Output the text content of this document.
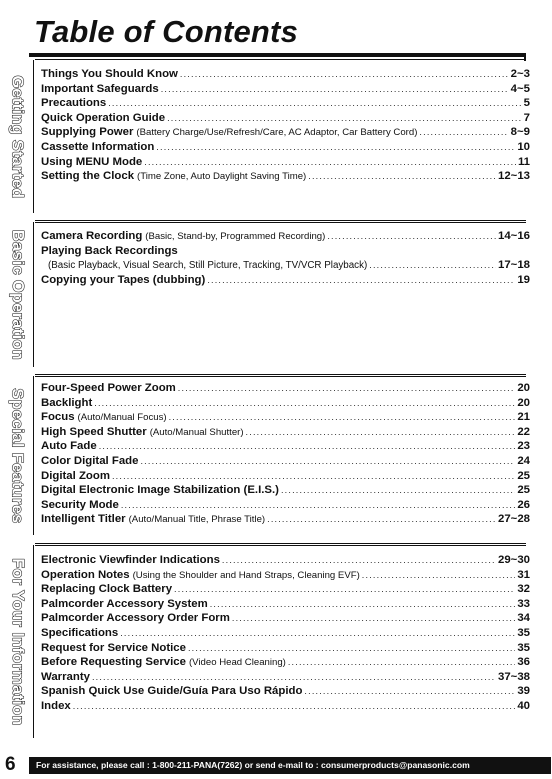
Table of Contents
Getting Started
Things You Should Know .....	2~3
Important Safeguards .....	4~5
Precautions .....	5
Quick Operation Guide .....	7
Supplying Power (Battery Charge/Use/Refresh/Care, AC Adaptor, Car Battery Cord) .....	8~9
Cassette Information .....	10
Using MENU Mode .....	11
Setting the Clock (Time Zone, Auto Daylight Saving Time) .....	12~13
Basic Operation Camera Recording (Basic, Stand-by, Programmed Recording) .....	14~16
Playing Back Recordings
(Basic Playback, Visual Search, Still Picture, Tracking, TV/VCR Playback) .....	17~18
Copying your Tapes (dubbing) .....	19
Special Features
Four-Speed Power Zoom .....	20
Backlight .....	20
Focus (Auto/Manual Focus) .....	21
High Speed Shutter (Auto/Manual Shutter) .....	22
Auto Fade .....	23
Color Digital Fade .....	24
Digital Zoom .....	25
Digital Electronic Image Stabilization (E.I.S.) .....	25
Security Mode .....	26
Intelligent Titler (Auto/Manual Title, Phrase Title) .....	27~28
For Your Information Electronic Viewfinder Indications .....	29~30
Operation Notes (Using the Shoulder and Hand Straps, Cleaning EVF) .....	31
Replacing Clock Battery .....	32
Palmcorder Accessory System .....	33
Palmcorder Accessory Order Form .....	34
Specifications .....	35
Request for Service Notice .....	35
Before Requesting Service (Video Head Cleaning) .....	36
Warranty .....	37~38
Spanish Quick Use Guide/Guía Para Uso Rápido .....	39
Index .....	40
6	For assistance, please call : 1-800-211-PANA(7262) or send e-mail to : consumerproducts@panasonic.com
